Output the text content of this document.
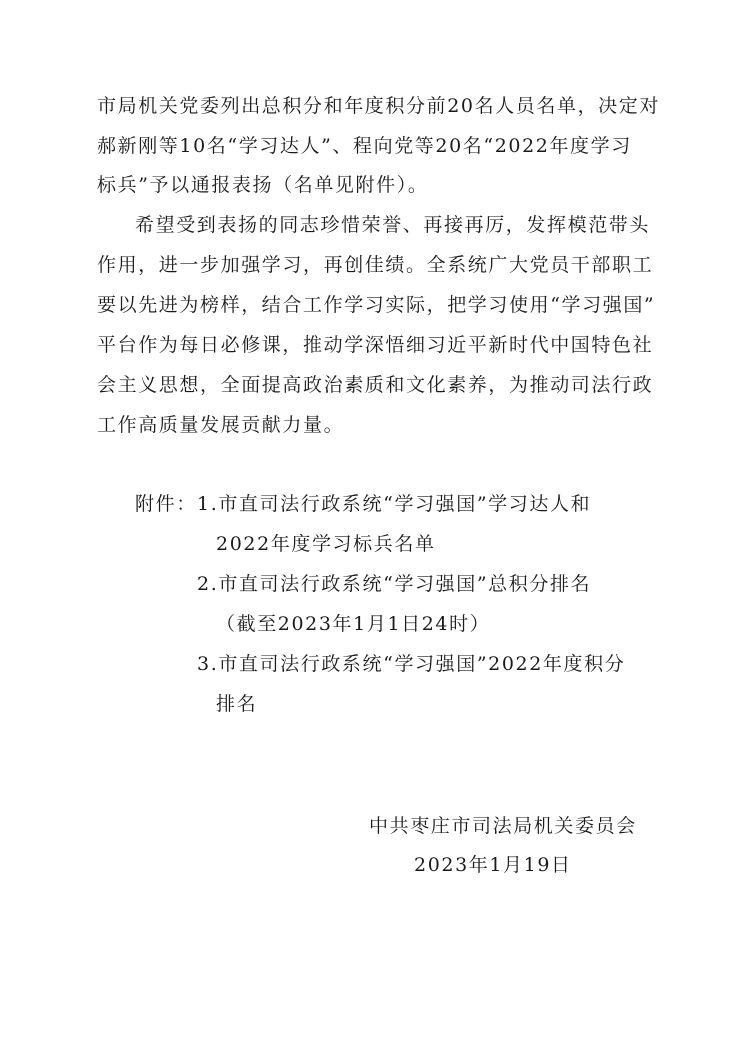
市局机关党委列出总积分和年度积分前20名人员名单，决定对
郝新刚等10名“学习达人”、程向党等20名“2022年度学习
标兵”予以通报表扬（名单见附件）。
希望受到表扬的同志珍惜荣誉、再接再厉，发挥模范带头
作用，进一步加强学习，再创佳绩。全系统广大党员干部职工
要以先进为榜样，结合工作学习实际，把学习使用“学习强国”
平台作为每日必修课，推动学深悟细习近平新时代中国特色社
会主义思想，全面提高政治素质和文化素养，为推动司法行政
工作高质量发展贡献力量。
附件： 1.市直司法行政系统“学习强国”学习达人和
2022年度学习标兵名单
2.市直司法行政系统“学习强国”总积分排名
（截至2023年1月1日24时）
3.市直司法行政系统“学习强国”2022年度积分
排名
中共枣庄市司法局机关委员会
2023年1月19日
